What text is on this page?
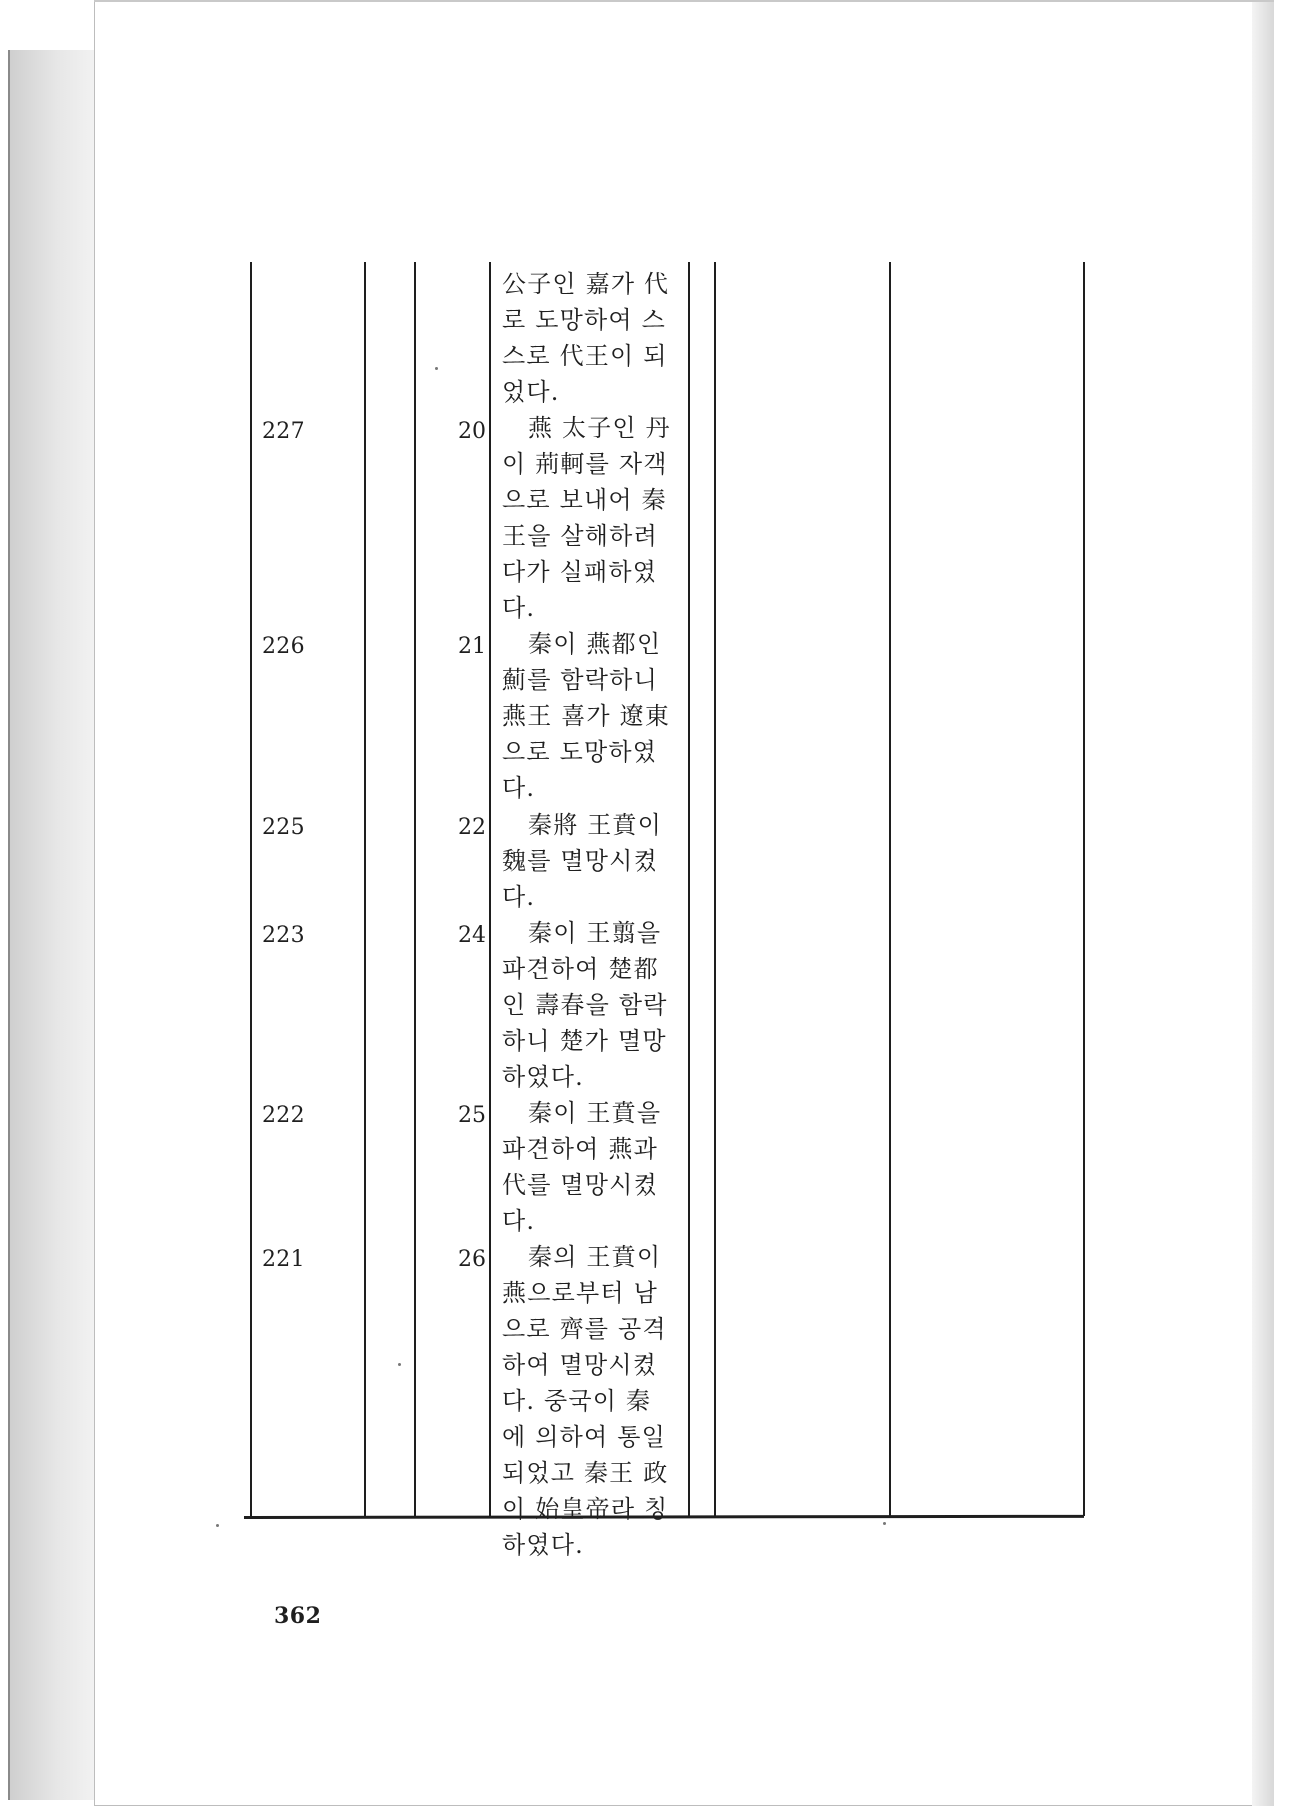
公子인 嘉가 代로 도망하여 스스로 代王이 되었다.
227	20	燕 太子인 丹이 荊軻를 자객으로 보내어 秦王을 살해하려다가 실패하였다.
226	21	秦이 燕都인 薊를 함락하니 燕王 喜가 遼東으로 도망하였다.
225	22	秦將 王賁이 魏를 멸망시켰다.
223	24	秦이 王翦을 파견하여 楚都인 壽春을 함락하니 楚가 멸망하였다.
222	25	秦이 王賁을 파견하여 燕과 代를 멸망시켰다.
221	26	秦의 王賁이 燕으로부터 남으로 齊를 공격하여 멸망시켰다. 중국이 秦에 의하여 통일되었고 秦王 政이 始皇帝라 칭하였다.
362
